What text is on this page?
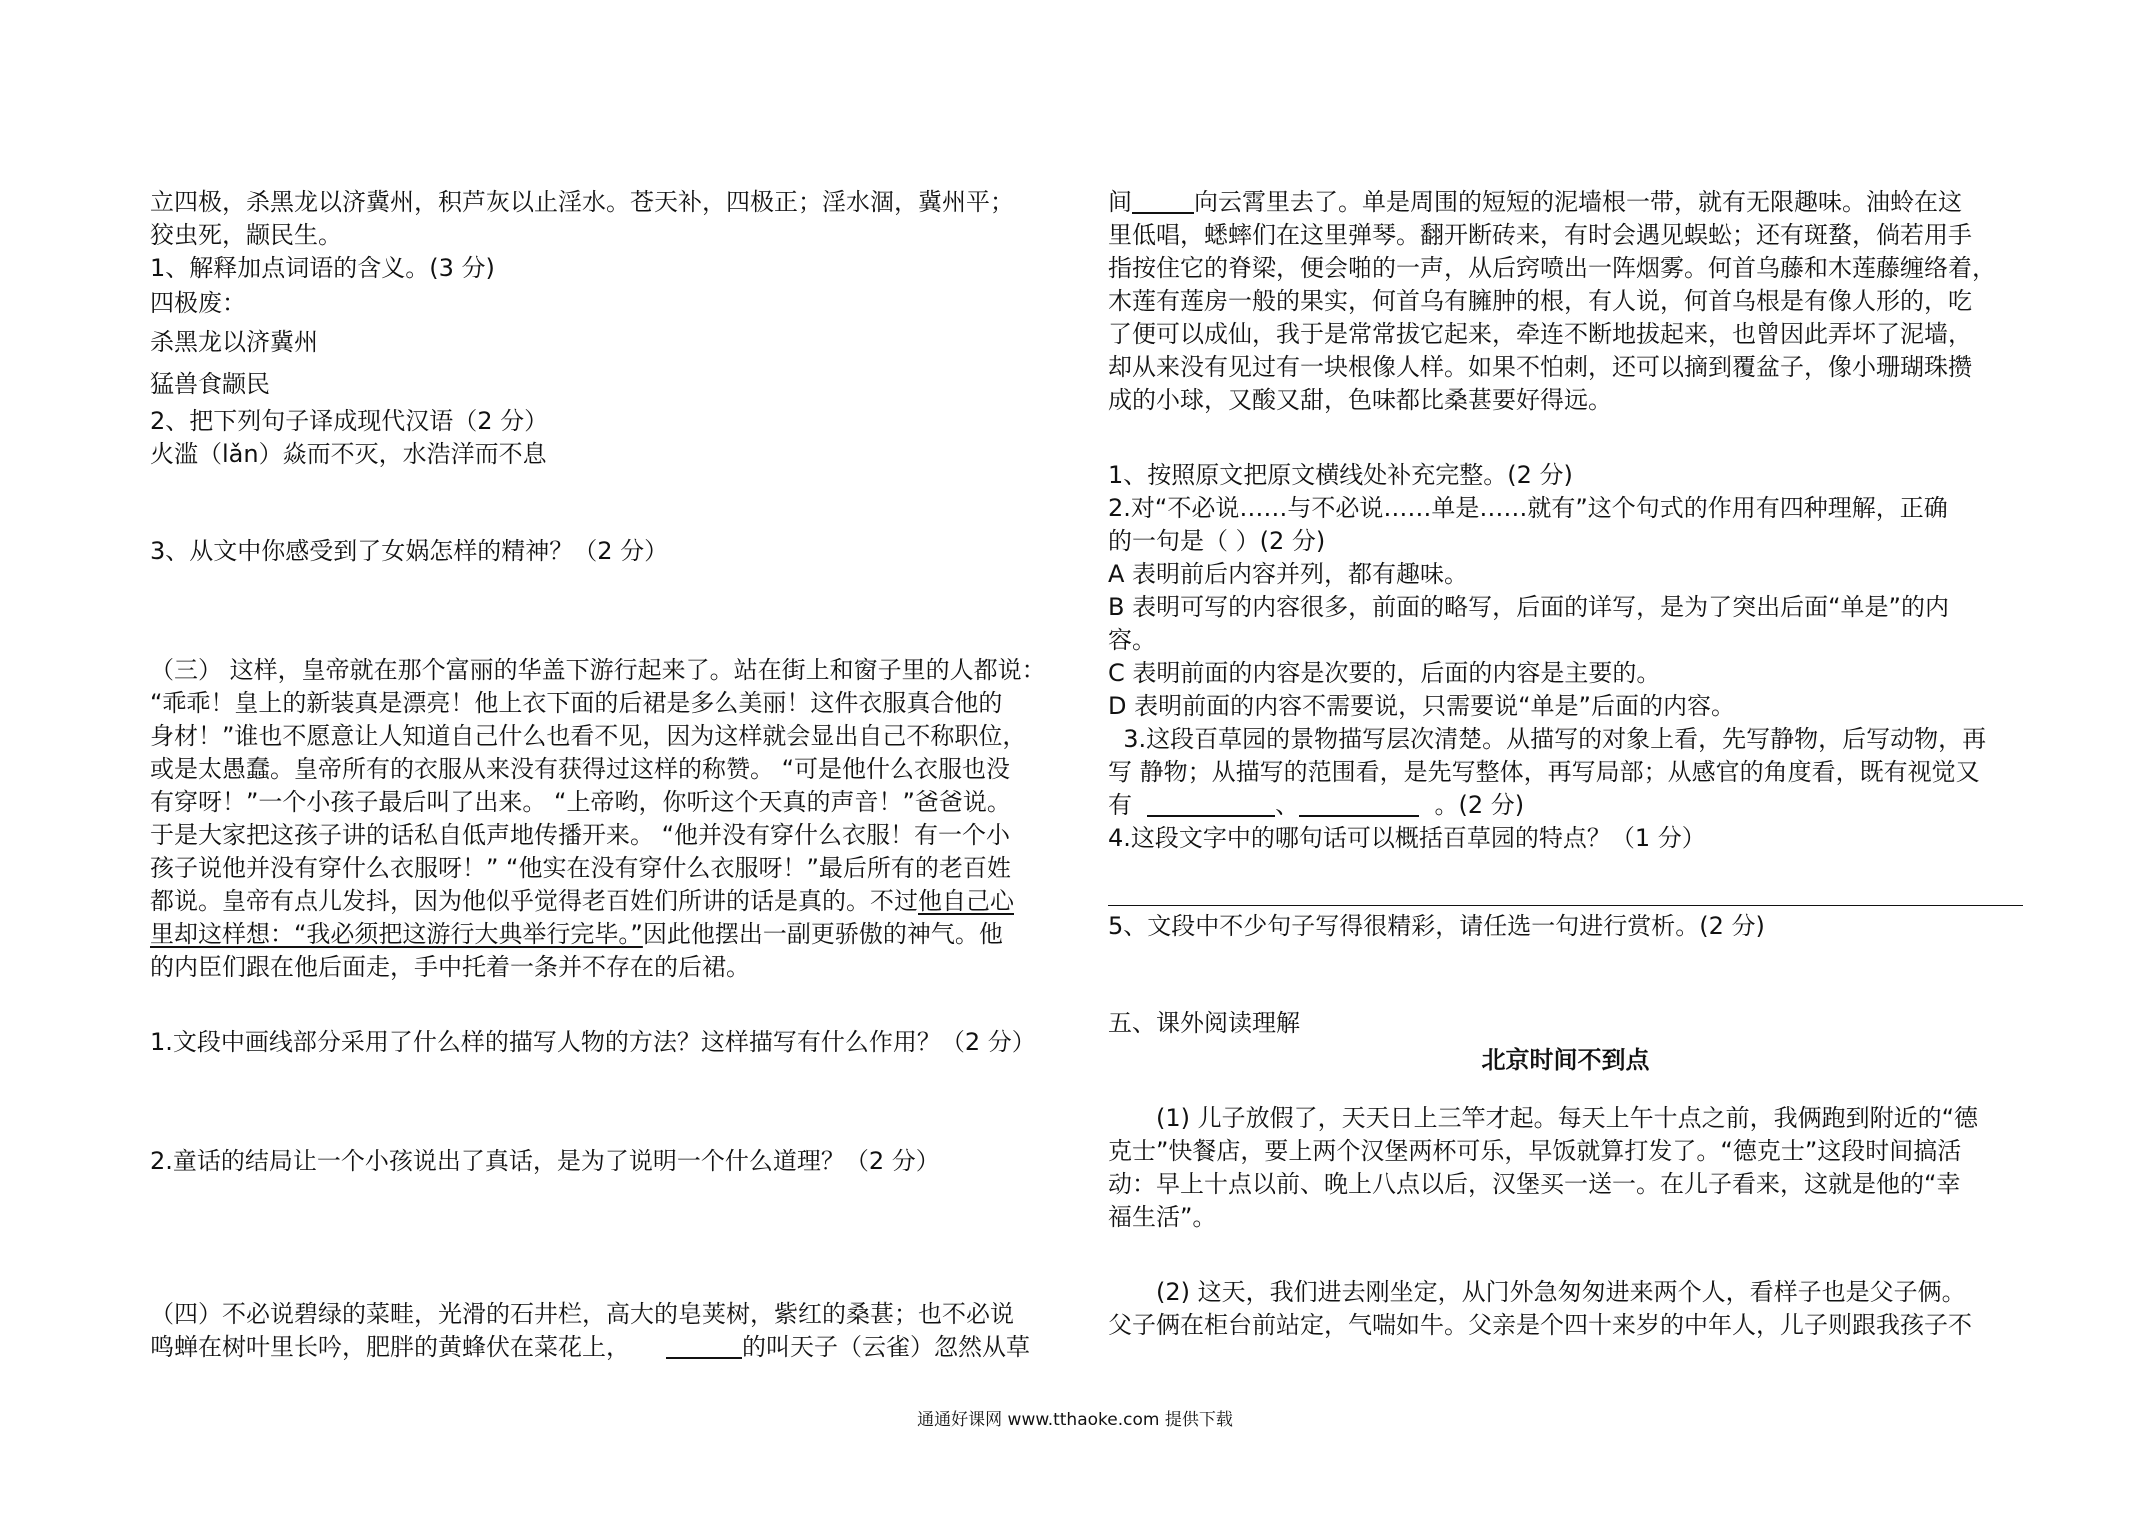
立四极，杀黑龙以济冀州，积芦灰以止淫水。苍天补，四极正；淫水涸，冀州平；

狡虫死，颛民生。

1、解释加点词语的含义。(3 分)

四极废：

杀黑龙以济冀州

猛兽食颛民

2、把下列句子译成现代汉语（2 分）

火滥（lǎn）焱而不灭，水浩洋而不息

3、从文中你感受到了女娲怎样的精神？（2 分）

（三） 这样，皇帝就在那个富丽的华盖下游行起来了。站在街上和窗子里的人都说：

“乖乖！皇上的新装真是漂亮！他上衣下面的后裙是多么美丽！这件衣服真合他的

身材！”谁也不愿意让人知道自己什么也看不见，因为这样就会显出自己不称职位，

或是太愚蠢。皇帝所有的衣服从来没有获得过这样的称赞。 “可是他什么衣服也没

有穿呀！”一个小孩子最后叫了出来。 “上帝哟，你听这个天真的声音！”爸爸说。

于是大家把这孩子讲的话私自低声地传播开来。 “他并没有穿什么衣服！有一个小

孩子说他并没有穿什么衣服呀！” “他实在没有穿什么衣服呀！”最后所有的老百姓

都说。皇帝有点儿发抖，因为他似乎觉得老百姓们所讲的话是真的。不过他自己心

里却这样想：“我必须把这游行大典举行完毕。”因此他摆出一副更骄傲的神气。他

的内臣们跟在他后面走，手中托着一条并不存在的后裙。

1.文段中画线部分采用了什么样的描写人物的方法？这样描写有什么作用？（2 分）

2.童话的结局让一个小孩说出了真话，是为了说明一个什么道理？（2 分）

（四）不必说碧绿的菜畦，光滑的石井栏，高大的皂荚树，紫红的桑葚；也不必说

鸣蝉在树叶里长吟，肥胖的黄蜂伏在菜花上，	的叫天子（云雀）忽然从草

间	向云霄里去了。单是周围的短短的泥墙根一带，就有无限趣味。油蛉在这

里低唱，蟋蟀们在这里弹琴。翻开断砖来，有时会遇见蜈蚣；还有斑蝥，倘若用手

指按住它的脊梁，便会啪的一声，从后窍喷出一阵烟雾。何首乌藤和木莲藤缠络着，

木莲有莲房一般的果实，何首乌有臃肿的根，有人说，何首乌根是有像人形的，吃

了便可以成仙，我于是常常拔它起来，牵连不断地拔起来，也曾因此弄坏了泥墙，

却从来没有见过有一块根像人样。如果不怕刺，还可以摘到覆盆子，像小珊瑚珠攒

成的小球，又酸又甜，色味都比桑葚要好得远。

1、按照原文把原文横线处补充完整。(2 分)

2.对“不必说……与不必说……单是……就有”这个句式的作用有四种理解，正确

的一句是（ ）(2 分)

A 表明前后内容并列，都有趣味。

B 表明可写的内容很多，前面的略写，后面的详写，是为了突出后面“单是”的内

容。

C 表明前面的内容是次要的，后面的内容是主要的。

D 表明前面的内容不需要说，只需要说“单是”后面的内容。

3.这段百草园的景物描写层次清楚。从描写的对象上看，先写静物，后写动物，再

写 静物；从描写的范围看，是先写整体，再写局部；从感官的角度看，既有视觉又

有	、	。(2 分)

4.这段文字中的哪句话可以概括百草园的特点？（1 分）

5、文段中不少句子写得很精彩，请任选一句进行赏析。(2 分)

五、课外阅读理解

北京时间不到点

(1) 儿子放假了，天天日上三竿才起。每天上午十点之前，我俩跑到附近的“德

克士”快餐店，要上两个汉堡两杯可乐，早饭就算打发了。“德克士”这段时间搞活

动：早上十点以前、晚上八点以后，汉堡买一送一。在儿子看来，这就是他的“幸

福生活”。

(2) 这天，我们进去刚坐定，从门外急匆匆进来两个人，看样子也是父子俩。

父子俩在柜台前站定，气喘如牛。父亲是个四十来岁的中年人，儿子则跟我孩子不

通通好课网 www.tthaoke.com 提供下载
